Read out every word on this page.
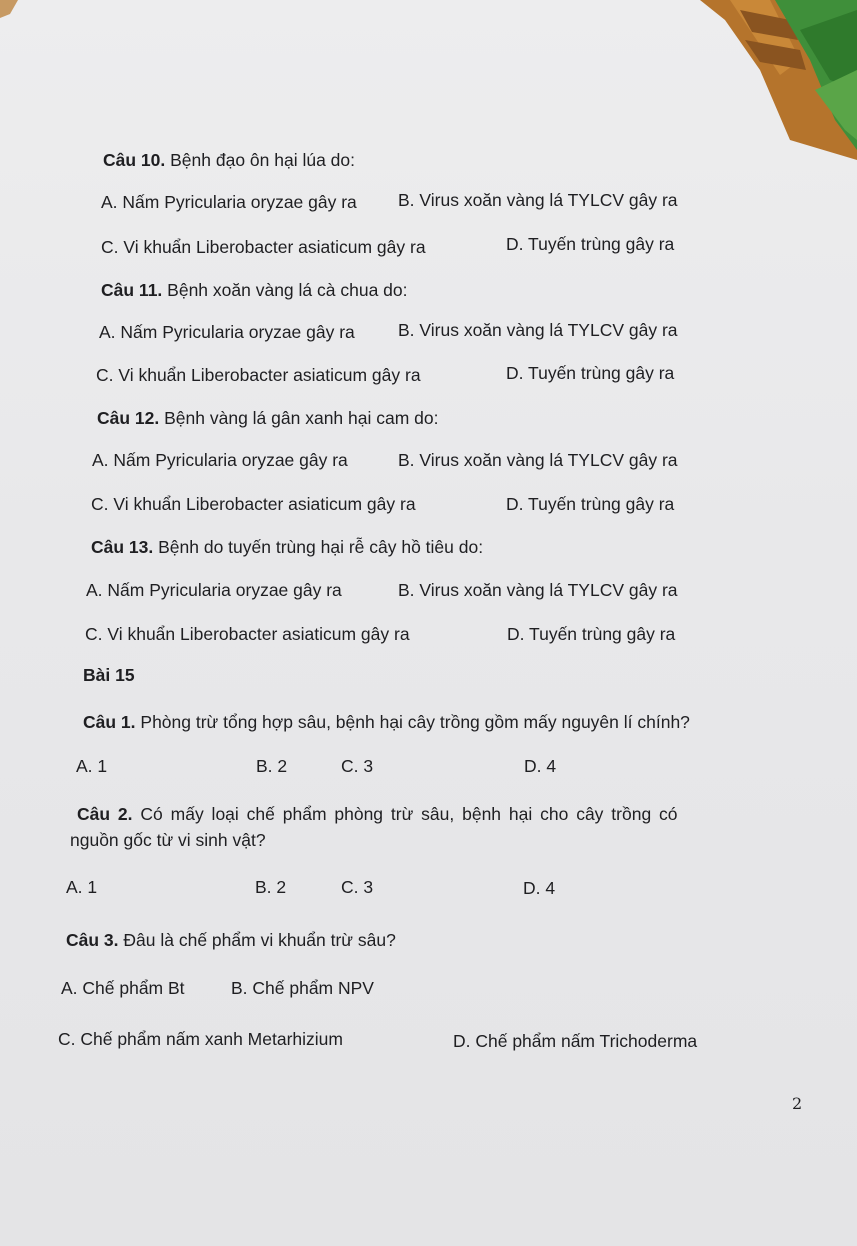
Câu 10. Bệnh đạo ôn hại lúa do:
A. Nấm Pyricularia oryzae gây ra B. Virus xoăn vàng lá TYLCV gây ra
C. Vi khuẩn Liberobacter asiaticum gây ra	D. Tuyến trùng gây ra
Câu 11. Bệnh xoăn vàng lá cà chua do:
A. Nấm Pyricularia oryzae gây ra B. Virus xoăn vàng lá TYLCV gây ra
C. Vi khuẩn Liberobacter asiaticum gây ra	D. Tuyến trùng gây ra
Câu 12. Bệnh vàng lá gân xanh hại cam do:
A. Nấm Pyricularia oryzae gây ra	B. Virus xoăn vàng lá TYLCV gây ra
C. Vi khuẩn Liberobacter asiaticum gây ra	D. Tuyến trùng gây ra
Câu 13. Bệnh do tuyến trùng hại rễ cây hồ tiêu do:
A. Nấm Pyricularia oryzae gây ra	B. Virus xoăn vàng lá TYLCV gây ra
C. Vi khuẩn Liberobacter asiaticum gây ra	D. Tuyến trùng gây ra
Bài 15
Câu 1. Phòng trừ tổng hợp sâu, bệnh hại cây trồng gồm mấy nguyên lí chính?
A. 1	B. 2	C. 3	D. 4
Câu 2. Có mấy loại chế phẩm phòng trừ sâu, bệnh hại cho cây trồng có
nguồn gốc từ vi sinh vật?
A. 1	B. 2	C. 3	D. 4
Câu 3. Đâu là chế phẩm vi khuẩn trừ sâu?
A. Chế phẩm Bt	B. Chế phẩm NPV
C. Chế phẩm nấm xanh Metarhizium	D. Chế phẩm nấm Trichoderma
2
